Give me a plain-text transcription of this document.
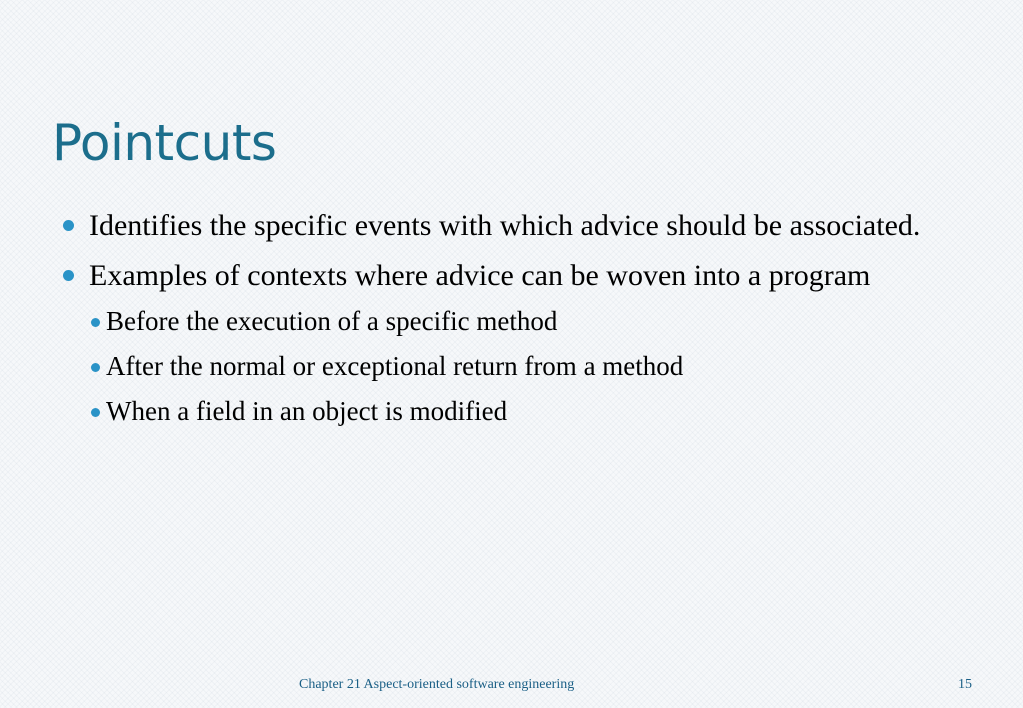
Pointcuts
Identifies the specific events with which advice should be associated.
Examples of contexts where advice can be woven into a program
Before the execution of a specific method
After the normal or exceptional return from a method
When a field in an object is modified
Chapter 21 Aspect-oriented software engineering	15
